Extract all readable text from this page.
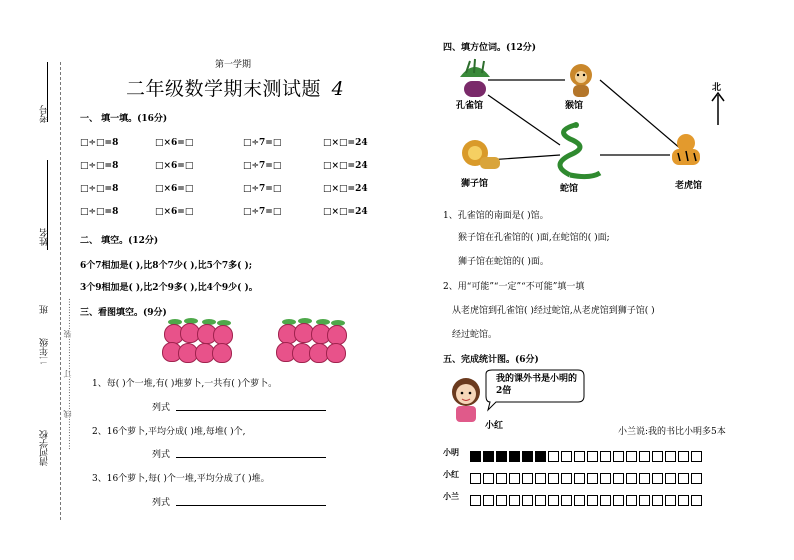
考号
姓名
班
二年级
清河学校 …………线…………订…………装…………
第一学期
二年级数学期末测试题 4
一、 填一填。(16分)
□÷□=8	□×6=□	□÷7=□	□×□=24
□÷□=8	□×6=□	□÷7=□	□×□=24
□÷□=8	□×6=□	□÷7=□	□×□=24
□÷□=8	□×6=□	□÷7=□	□×□=24
二、 填空。(12分)
6个7相加是( ),比8个7少( ),比5个7多( );
3个9相加是( ),比2个9多( ),比4个9少( )。
三、看图填空。(9分)
1、每( )个一堆,有( )堆萝卜,一共有( )个萝卜。
列式
2、16个萝卜,平均分成( )堆,每堆( )个,
列式
3、16个萝卜,每( )个一堆,平均分成了( )堆。
列式
四、填方位词。(12分)
孔雀馆	猴馆
狮子馆	蛇馆	老虎馆
北
1、孔雀馆的南面是( )馆。
猴子馆在孔雀馆的( )面,在蛇馆的( )面;
狮子馆在蛇馆的( )面。
2、用“可能”“一定”“不可能”填一填
从老虎馆到孔雀馆( )经过蛇馆,从老虎馆到狮子馆( )
经过蛇馆。
五、完成统计图。(6分)
我的课外书是小明的2倍
小红
小兰说:我的书比小明多5本
小明
小红
小兰
